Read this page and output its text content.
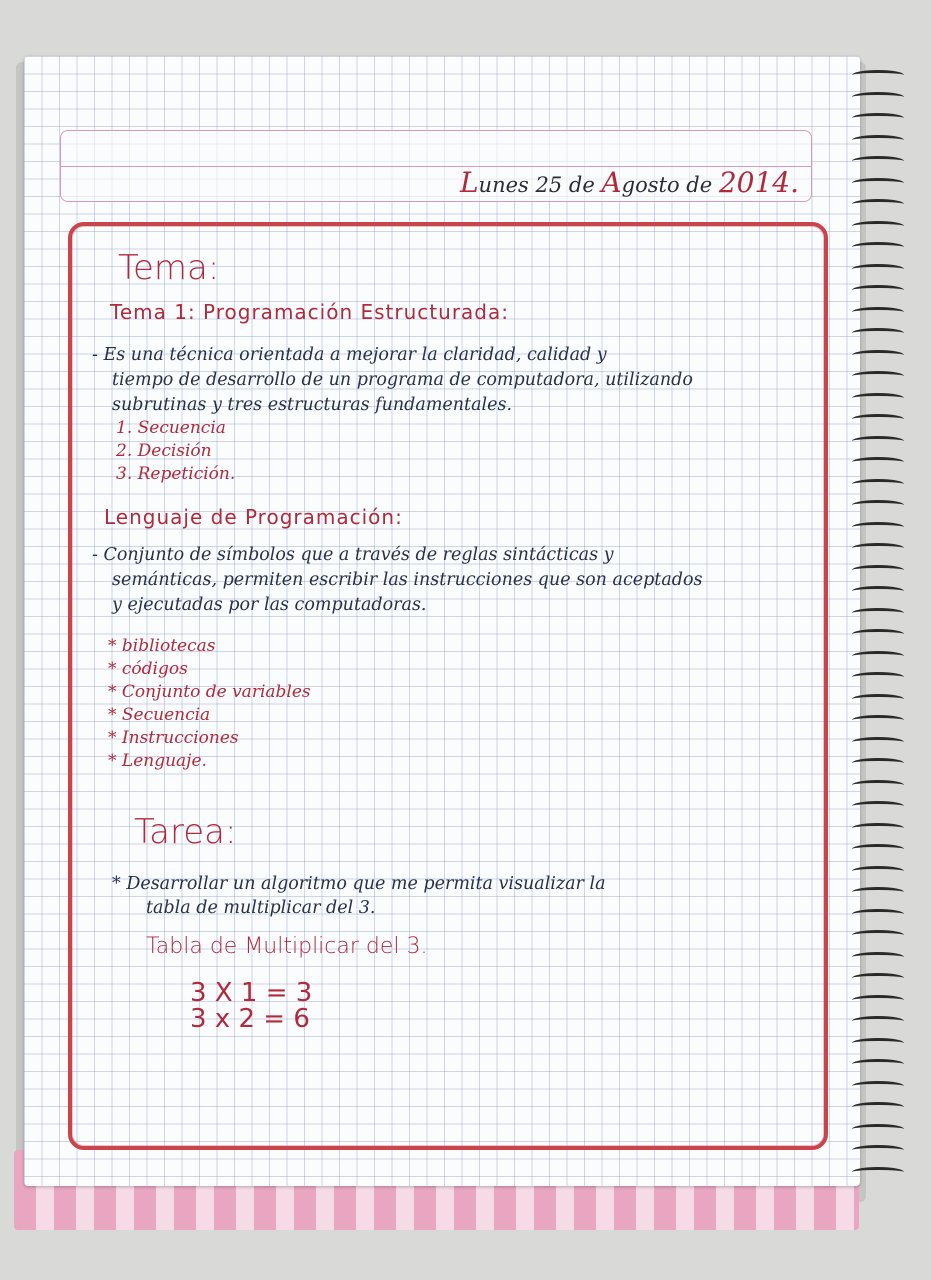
Lunes 25 de Agosto de 2014.
Tema:
Tema 1: Programación Estructurada:
- Es una técnica orientada a mejorar la claridad, calidad y
tiempo de desarrollo de un programa de computadora, utilizando
subrutinas y tres estructuras fundamentales.
1. Secuencia
2. Decisión
3. Repetición.
Lenguaje de Programación:
- Conjunto de símbolos que a través de reglas sintácticas y
semánticas, permiten escribir las instrucciones que son aceptados
y ejecutadas por las computadoras.
* bibliotecas
* códigos
* Conjunto de variables
* Secuencia
* Instrucciones
* Lenguaje.
Tarea:
* Desarrollar un algoritmo que me permita visualizar la
tabla de multiplicar del 3.
Tabla de Multiplicar del 3.
3 X 1 = 3
3 x 2 = 6
